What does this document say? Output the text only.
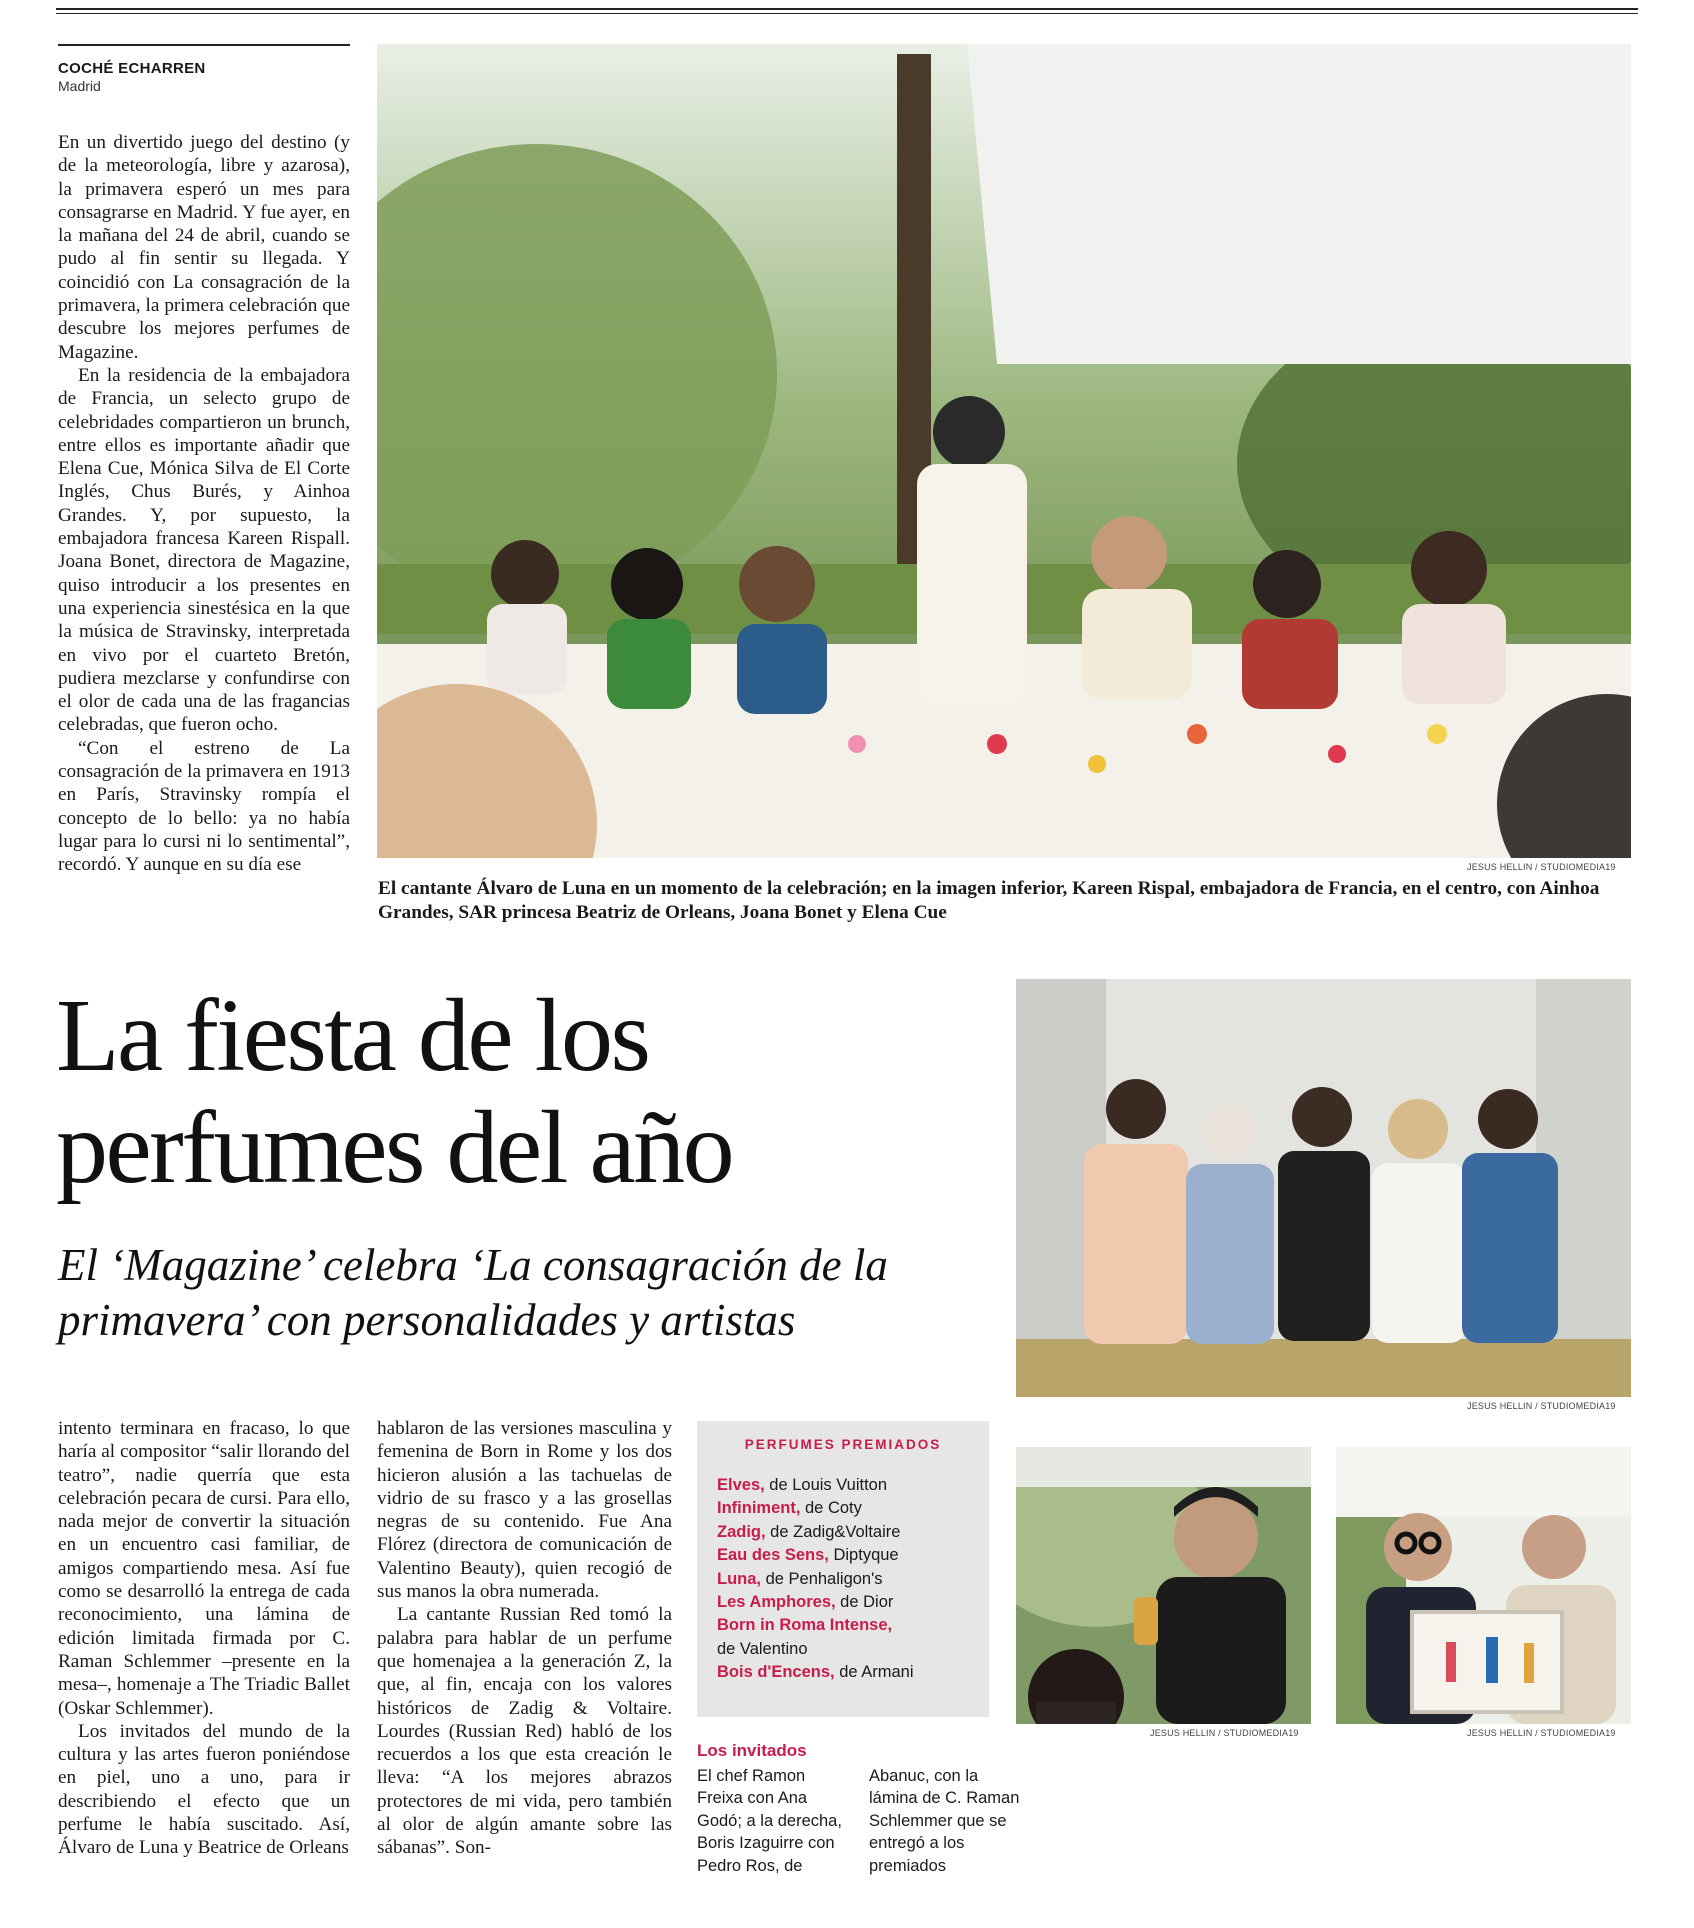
COCHÉ ECHARREN
Madrid

En un divertido juego del destino (y de la meteorología, libre y azarosa), la primavera esperó un mes para consagrarse en Madrid. Y fue ayer, en la mañana del 24 de abril, cuando se pudo al fin sentir su llegada. Y coincidió con La consagración de la primavera, la primera celebración que descubre los mejores perfumes de Magazine.

En la residencia de la embajadora de Francia, un selecto grupo de celebridades compartieron un brunch, entre ellos es importante añadir que Elena Cue, Mónica Silva de El Corte Inglés, Chus Burés, y Ainhoa Grandes. Y, por supuesto, la embajadora francesa Kareen Rispall. Joana Bonet, directora de Magazine, quiso introducir a los presentes en una experiencia sinestésica en la que la música de Stravinsky, interpretada en vivo por el cuarteto Bretón, pudiera mezclarse y confundirse con el olor de cada una de las fragancias celebradas, que fueron ocho.

“Con el estreno de La consagración de la primavera en 1913 en París, Stravinsky rompía el concepto de lo bello: ya no había lugar para lo cursi ni lo sentimental”, recordó. Y aunque en su día ese	JESUS HELLIN / STUDIOMEDIA19
El cantante Álvaro de Luna en un momento de la celebración; en la imagen inferior, Kareen Rispal, embajadora de Francia, en el centro, con Ainhoa Grandes, SAR princesa Beatriz de Orleans, Joana Bonet y Elena Cue
La fiesta de los
perfumes del año
El ‘Magazine’ celebra ‘La consagración de la primavera’ con personalidades y artistas
JESUS HELLIN / STUDIOMEDIA19

intento terminara en fracaso, lo que haría al compositor “salir llorando del teatro”, nadie querría que esta celebración pecara de cursi. Para ello, nada mejor de convertir la situación en un encuentro casi familiar, de amigos compartiendo mesa. Así fue como se desarrolló la entrega de cada reconocimiento, una lámina de edición limitada firmada por C. Raman Schlemmer –presente en la mesa–, homenaje a The Triadic Ballet (Oskar Schlemmer).

Los invitados del mundo de la cultura y las artes fueron poniéndose en piel, uno a uno, para ir describiendo el efecto que un perfume le había suscitado. Así, Álvaro de Luna y Beatrice de Orleans

hablaron de las versiones masculina y femenina de Born in Rome y los dos hicieron alusión a las tachuelas de vidrio de su frasco y a las grosellas negras de su contenido. Fue Ana Flórez (directora de comunicación de Valentino Beauty), quien recogió de sus manos la obra numerada.

La cantante Russian Red tomó la palabra para hablar de un perfume que homenajea a la generación Z, la que, al fin, encaja con los valores históricos de Zadig & Voltaire. Lourdes (Russian Red) habló de los recuerdos a los que esta creación le lleva: “A los mejores abrazos protectores de mi vida, pero también al olor de algún amante sobre las sábanas”. Son-

PERFUMES PREMIADOS
Elves, de Louis Vuitton
Infiniment, de Coty
Zadig, de Zadig&Voltaire
Eau des Sens, Diptyque
Luna, de Penhaligon's
Les Amphores, de Dior
Born in Roma Intense,
de Valentino
Bois d'Encens, de Armani
Los invitados
El chef Ramon Freixa con Ana Godó; a la derecha, Boris Izaguirre con Pedro Ros, de Abanuc, con la lámina de C. Raman Schlemmer que se entregó a los premiados
JESUS HELLIN / STUDIOMEDIA19	JESUS HELLIN / STUDIOMEDIA19
